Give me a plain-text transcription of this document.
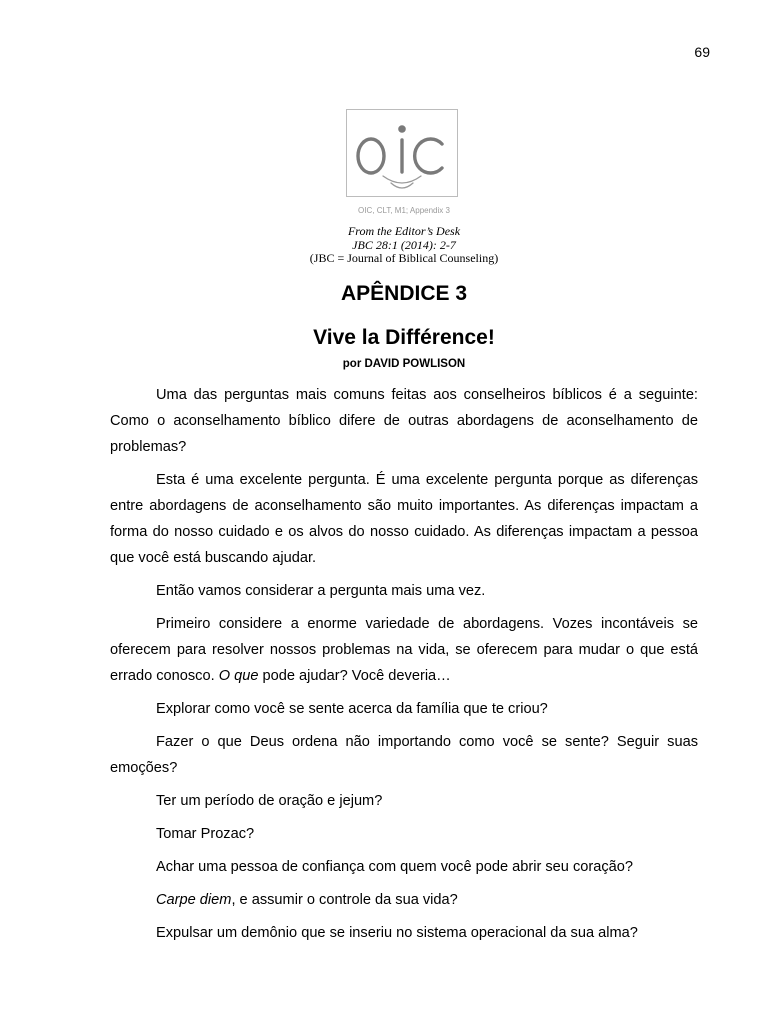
69
OIC, CLT, M1; Appendix 3
From the Editor’s Desk
JBC 28:1 (2014): 2-7
(JBC = Journal of Biblical Counseling)
APÊNDICE 3
Vive la Différence!
por DAVID POWLISON

Uma das perguntas mais comuns feitas aos conselheiros bíblicos é a seguinte: Como o aconselhamento bíblico difere de outras abordagens de aconselhamento de problemas?

Esta é uma excelente pergunta. É uma excelente pergunta porque as diferenças entre abordagens de aconselhamento são muito importantes. As diferenças impactam a forma do nosso cuidado e os alvos do nosso cuidado. As diferenças impactam a pessoa que você está buscando ajudar.

Então vamos considerar a pergunta mais uma vez.

Primeiro considere a enorme variedade de abordagens. Vozes incontáveis se oferecem para resolver nossos problemas na vida, se oferecem para mudar o que está errado conosco. O que pode ajudar? Você deveria…

Explorar como você se sente acerca da família que te criou?

Fazer o que Deus ordena não importando como você se sente? Seguir suas emoções?

Ter um período de oração e jejum?

Tomar Prozac?

Achar uma pessoa de confiança com quem você pode abrir seu coração?

Carpe diem, e assumir o controle da sua vida?

Expulsar um demônio que se inseriu no sistema operacional da sua alma?
